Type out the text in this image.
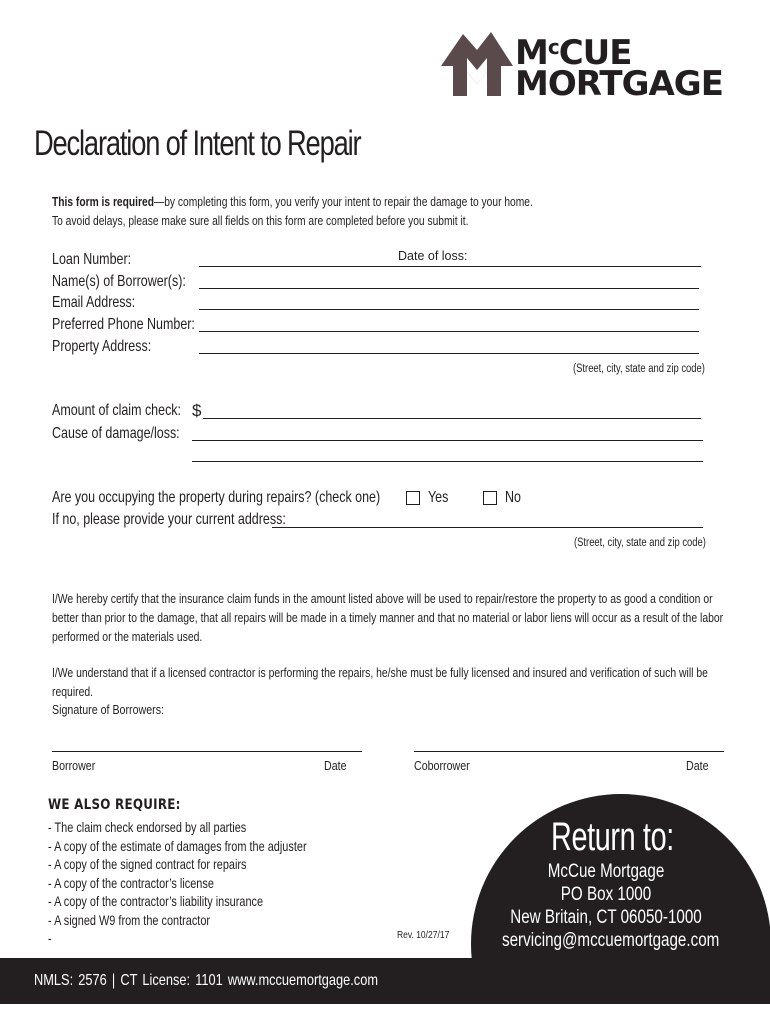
$M^cCUE$
MORTGAGE
Declaration of Intent to Repair
This form is required—by completing this form, you verify your intent to repair the damage to your home.
To avoid delays, please make sure all fields on this form are completed before you submit it.
Loan Number:	Date of loss:
Name(s) of Borrower(s):
Email Address:
Preferred Phone Number:
Property Address:
(Street, city, state and zip code)
Amount of claim check: $
Cause of damage/loss:
Are you occupying the property during repairs? (check one)	Yes	No
If no, please provide your current address:
(Street, city, state and zip code)
I/We hereby certify that the insurance claim funds in the amount listed above will be used to repair/restore the property to as good a condition or better than prior to the damage, that all repairs will be made in a timely manner and that no material or labor liens will occur as a result of the labor performed or the materials used.
I/We understand that if a licensed contractor is performing the repairs, he/she must be fully licensed and insured and verification of such will be required.
Signature of Borrowers:
Borrower	Date	Coborrower	Date
WE ALSO REQUIRE:
- The claim check endorsed by all parties
- A copy of the estimate of damages from the adjuster
- A copy of the signed contract for repairs
- A copy of the contractor’s license
- A copy of the contractor’s liability insurance
- A signed W9 from the contractor
-	Rev. 10/27/17
Return to:
McCue Mortgage
PO Box 1000
New Britain, CT 06050-1000
servicing@mccuemortgage.com
NMLS: 2576 | CT License: 1101 www.mccuemortgage.com
